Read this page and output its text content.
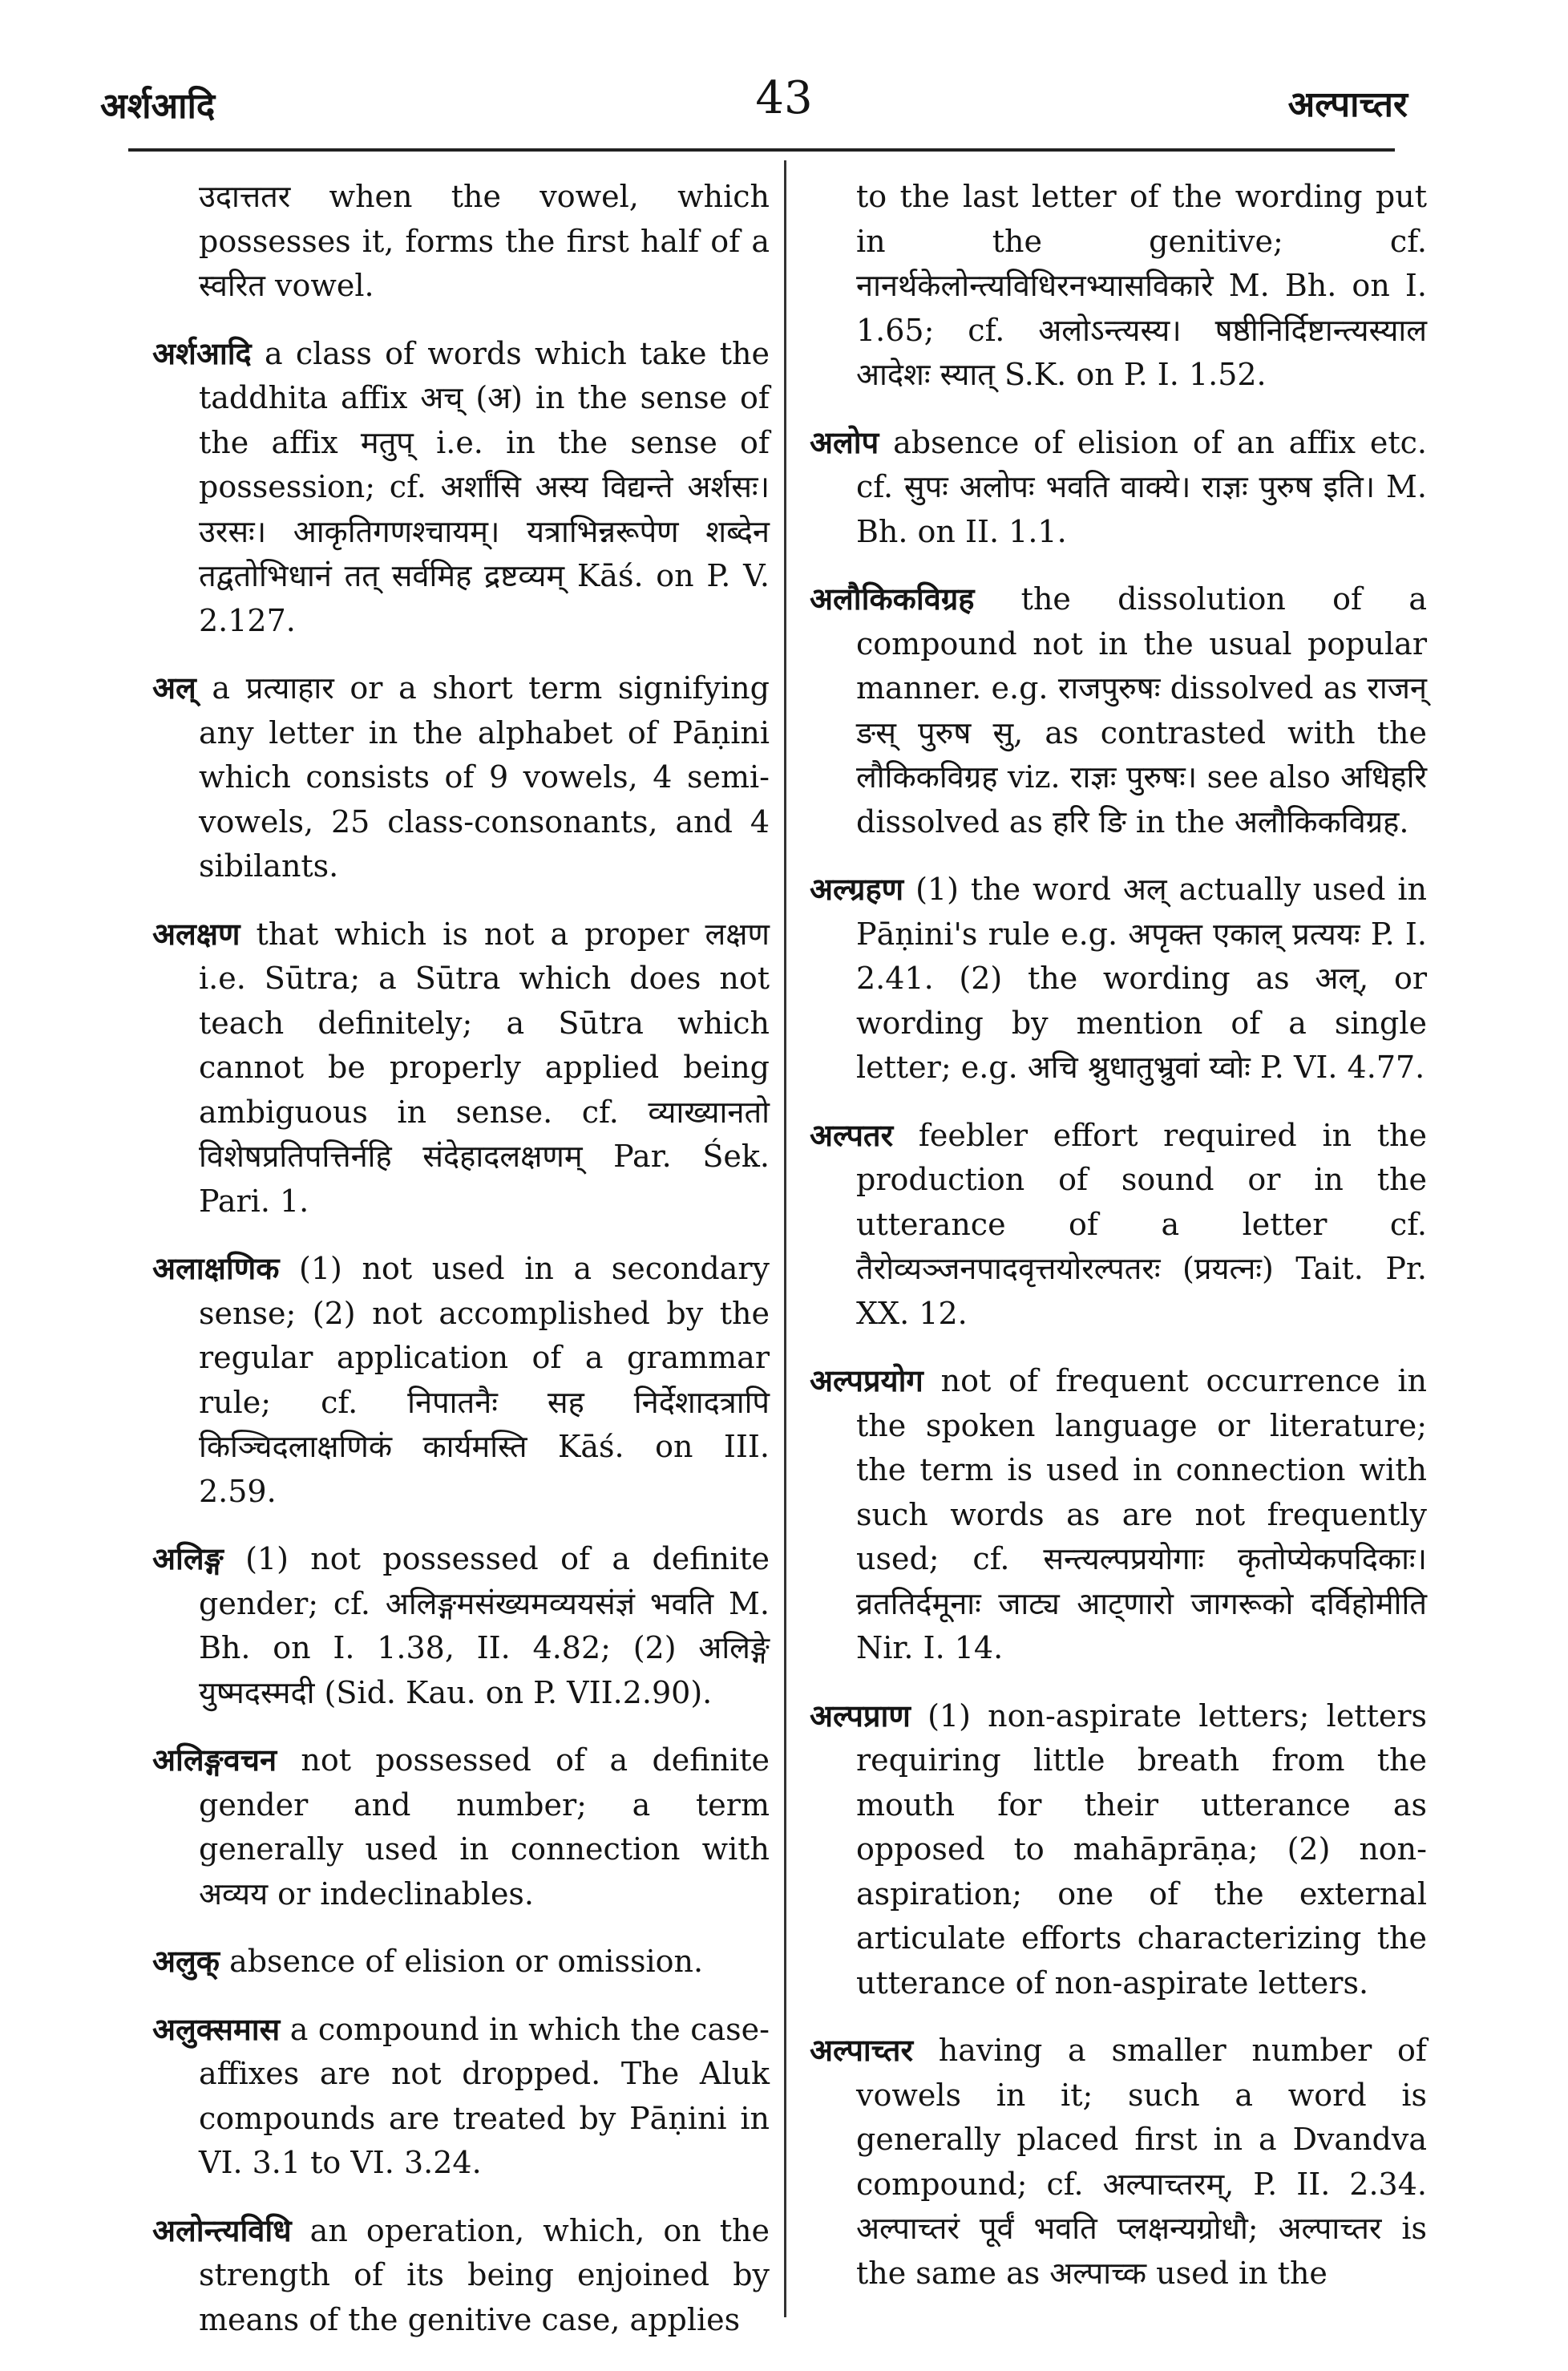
अर्शआदि	43	अल्पाच्तर

उदात्ततर when the vowel, which possesses it, forms the first half of a स्वरित vowel.

अर्शआदि a class of words which take the taddhita affix अच् (अ) in the sense of the affix मतुप् i.e. in the sense of possession; cf. अर्शांसि अस्य विद्यन्ते अर्शसः। उरसः। आकृतिगणश्चायम्। यत्राभिन्नरूपेण शब्देन तद्वतोभिधानं तत् सर्वमिह द्रष्टव्यम् Kāś. on P. V. 2.127.

अल् a प्रत्याहार or a short term signifying any letter in the alphabet of Pāṇini which consists of 9 vowels, 4 semi-vowels, 25 class-consonants, and 4 sibilants.

अलक्षण that which is not a proper लक्षण i.e. Sūtra; a Sūtra which does not teach definitely; a Sūtra which cannot be properly applied being ambiguous in sense. cf. व्याख्यानतो विशेषप्रतिपत्तिर्नहि संदेहादलक्षणम् Par. Śek. Pari. 1.

अलाक्षणिक (1) not used in a secondary sense; (2) not accomplished by the regular application of a grammar rule; cf. निपातनैः सह निर्देशादत्रापि किञ्चिदलाक्षणिकं कार्यमस्ति Kāś. on III. 2.59.

अलिङ्ग (1) not possessed of a definite gender; cf. अलिङ्गमसंख्यमव्ययसंज्ञं भवति M. Bh. on I. 1.38, II. 4.82; (2) अलिङ्गे युष्मदस्मदी (Sid. Kau. on P. VII.2.90).

अलिङ्गवचन not possessed of a definite gender and number; a term generally used in connection with अव्यय or indeclinables.

अलुक् absence of elision or omission.

अलुक्समास a compound in which the case-affixes are not dropped. The Aluk compounds are treated by Pāṇini in VI. 3.1 to VI. 3.24.

अलोन्त्यविधि an operation, which, on the strength of its being enjoined by means of the genitive case, applies

to the last letter of the wording put in the genitive; cf. नानर्थकेलोन्त्यविधिरनभ्यासविकारे M. Bh. on I. 1.65; cf. अलोऽन्त्यस्य। षष्ठीनिर्दिष्टान्त्यस्याल आदेशः स्यात् S.K. on P. I. 1.52.

अलोप absence of elision of an affix etc. cf. सुपः अलोपः भवति वाक्ये। राज्ञः पुरुष इति। M. Bh. on II. 1.1.

अलौकिकविग्रह the dissolution of a compound not in the usual popular manner. e.g. राजपुरुषः dissolved as राजन् ङस् पुरुष सु, as contrasted with the लौकिकविग्रह viz. राज्ञः पुरुषः। see also अधिहरि dissolved as हरि ङि in the अलौकिकविग्रह.

अल्ग्रहण (1) the word अल् actually used in Pāṇini's rule e.g. अपृक्त एकाल् प्रत्ययः P. I. 2.41. (2) the wording as अल्, or wording by mention of a single letter; e.g. अचि श्नुधातुभ्रुवां य्वोः P. VI. 4.77.

अल्पतर feebler effort required in the production of sound or in the utterance of a letter cf. तैरोव्यञ्जनपादवृत्तयोरल्पतरः (प्रयत्नः) Tait. Pr. XX. 12.

अल्पप्रयोग not of frequent occurrence in the spoken language or literature; the term is used in connection with such words as are not frequently used; cf. सन्त्यल्पप्रयोगाः कृतोप्येकपदिकाः। व्रततिर्दमूनाः जाट्य आट्णारो जागरूको दर्विहोमीति Nir. I. 14.

अल्पप्राण (1) non-aspirate letters; letters requiring little breath from the mouth for their utterance as opposed to mahāprāṇa; (2) non-aspiration; one of the external articulate efforts characterizing the utterance of non-aspirate letters.

अल्पाच्तर having a smaller number of vowels in it; such a word is generally placed first in a Dvandva compound; cf. अल्पाच्तरम्, P. II. 2.34. अल्पाच्तरं पूर्वं भवति प्लक्षन्यग्रोधौ; अल्पाच्तर is the same as अल्पाच्क used in the
